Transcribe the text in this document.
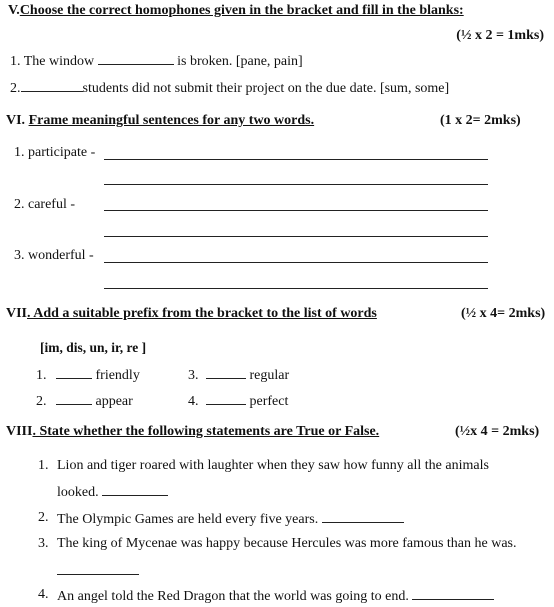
V.Choose the correct homophones given in the bracket and fill in the blanks:
(½ x 2 = 1mks)
1. The window	is broken. [pane, pain]
2.	students did not submit their project on the due date. [sum, some]
VI. Frame meaningful sentences for any two words.	(1 x 2= 2mks)
1. participate -
2. careful -
3. wonderful -
VII. Add a suitable prefix from the bracket to the list of words	(½ x 4= 2mks)
[im, dis, un, ir, re ]
1.	friendly	3.	regular
2.	appear	4.	perfect
VIII. State whether the following statements are True or False.	(½x 4 = 2mks)
1. Lion and tiger roared with laughter when they saw how funny all the animals
looked.
2. The Olympic Games are held every five years.
3. The king of Mycenae was happy because Hercules was more famous than he was.
4. An angel told the Red Dragon that the world was going to end.
